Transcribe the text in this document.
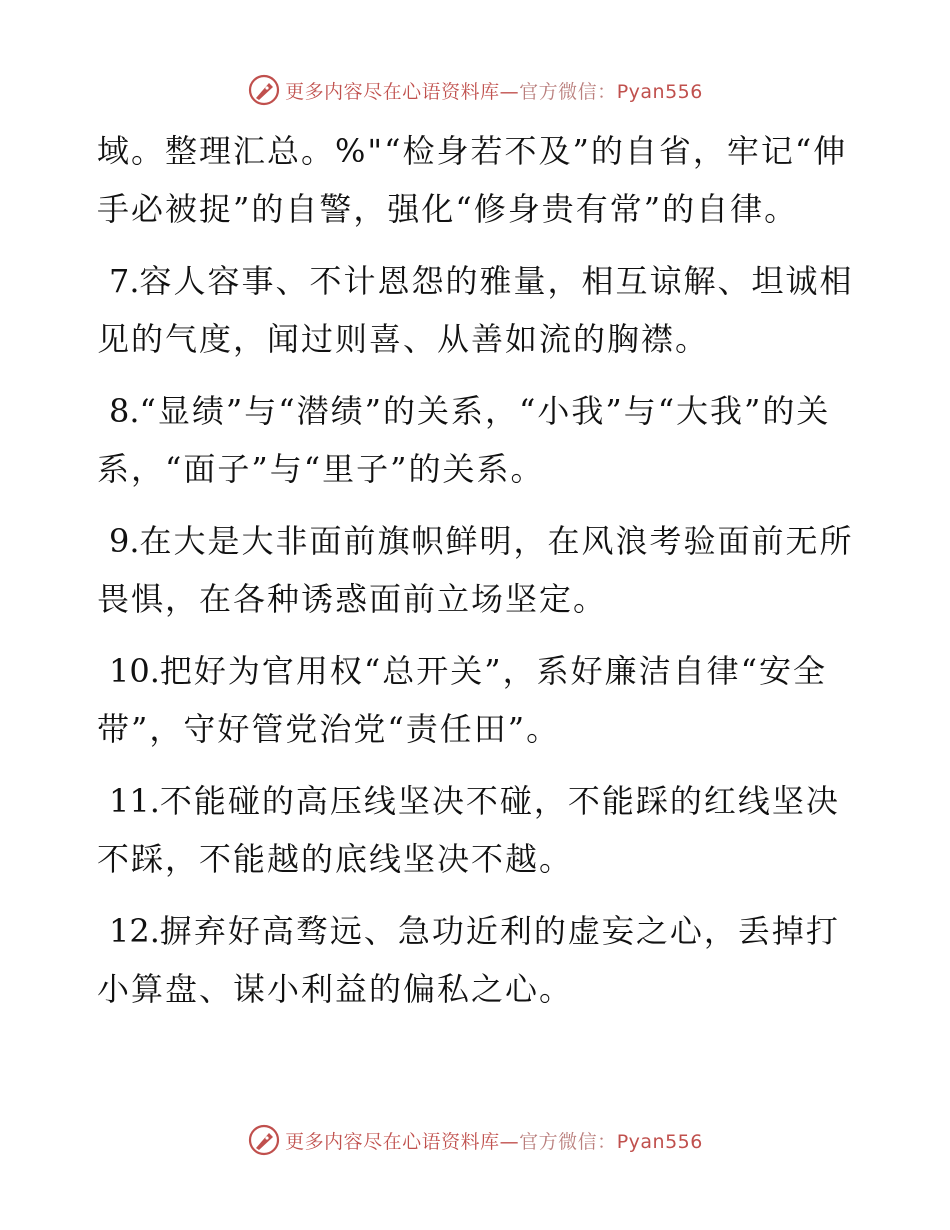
更多内容尽在心语资料库—官方微信：Pyan556

域。整理汇总。%"“检身若不及”的自省，牢记“伸手必被捉”的自警，强化“修身贵有常”的自律。

7.容人容事、不计恩怨的雅量，相互谅解、坦诚相见的气度，闻过则喜、从善如流的胸襟。

8.“显绩”与“潜绩”的关系，“小我”与“大我”的关系，“面子”与“里子”的关系。

9.在大是大非面前旗帜鲜明，在风浪考验面前无所畏惧，在各种诱惑面前立场坚定。

10.把好为官用权“总开关”，系好廉洁自律“安全带”，守好管党治党“责任田”。

11.不能碰的高压线坚决不碰，不能踩的红线坚决不踩，不能越的底线坚决不越。

12.摒弃好高骛远、急功近利的虚妄之心，丢掉打小算盘、谋小利益的偏私之心。

更多内容尽在心语资料库—官方微信：Pyan556
